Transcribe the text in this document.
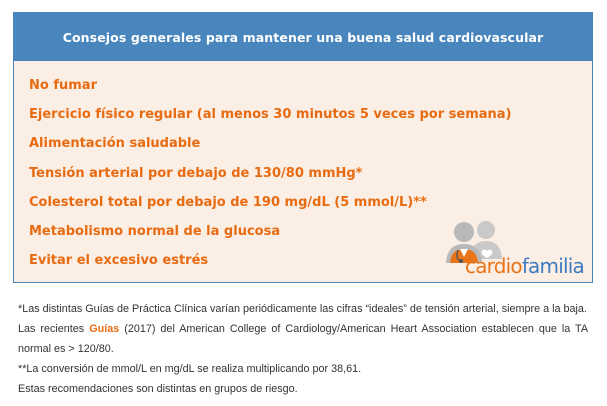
Consejos generales para mantener una buena salud cardiovascular
No fumar
Ejercicio físico regular (al menos 30 minutos 5 veces por semana)
Alimentación saludable
Tensión arterial por debajo de 130/80 mmHg*
Colesterol total por debajo de 190 mg/dL (5 mmol/L)**
Metabolismo normal de la glucosa
Evitar el excesivo estrés	cardiofamilia
*Las distintas Guías de Práctica Clínica varían periódicamente las cifras “ideales” de tensión arterial, siempre a la baja.
Las recientes Guías (2017) del American College of Cardiology/American Heart Association establecen que la TA
normal es > 120/80.
**La conversión de mmol/L en mg/dL se realiza multiplicando por 38,61.
Estas recomendaciones son distintas en grupos de riesgo.
